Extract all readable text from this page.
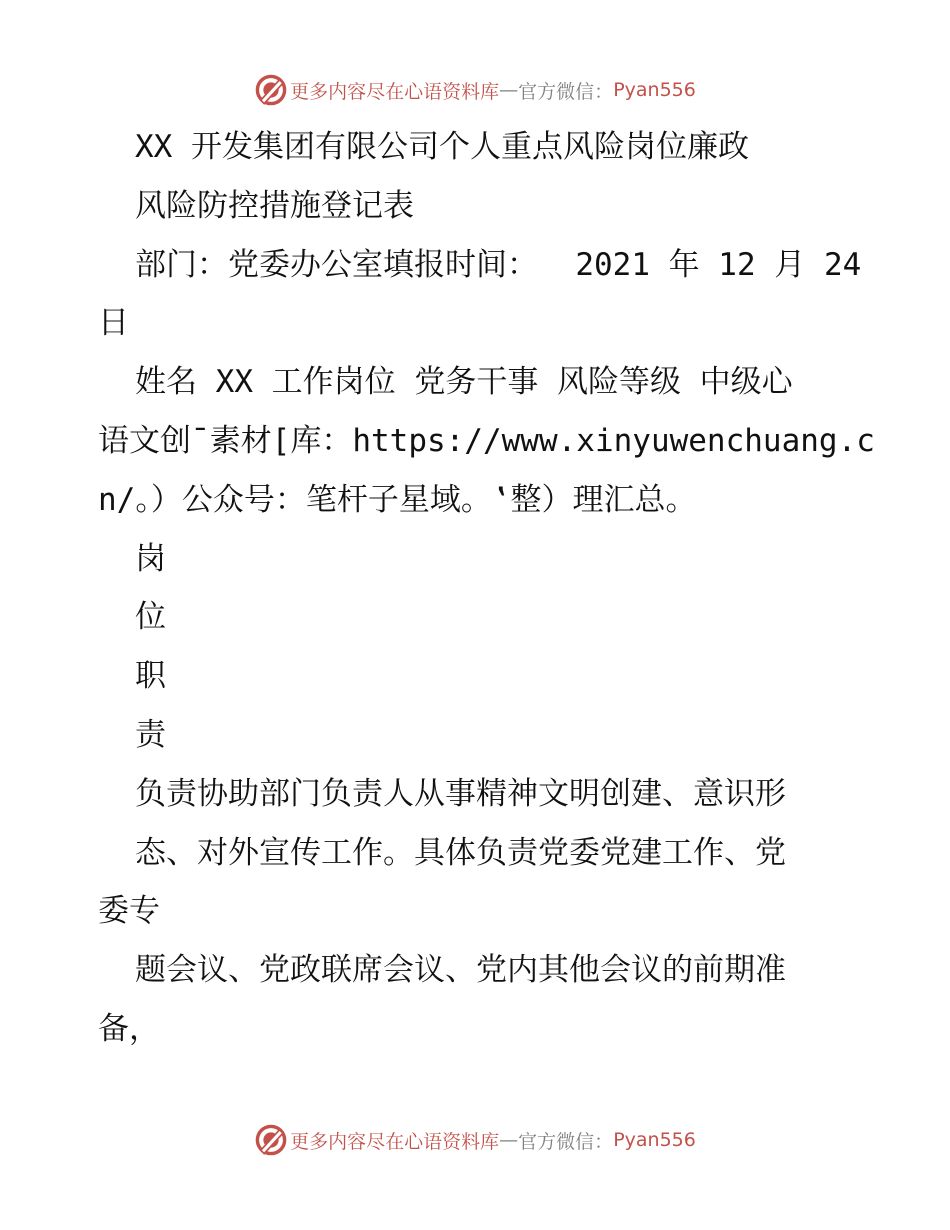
更多内容尽在心语资料库 — 官方微信： Pyan556

XX 开发集团有限公司个人重点风险岗位廉政

风险防控措施登记表

部门：党委办公室填报时间：  2021 年 12 月 24

日

姓名 XX 工作岗位 党务干事 风险等级 中级心

语文创¯素材[库：https://www.xinyuwenchuang.c

n/。）公众号：笔杆子星域。‛整）理汇总。

岗

位

职

责

负责协助部门负责人从事精神文明创建、意识形

态、对外宣传工作。具体负责党委党建工作、党

委专

题会议、党政联席会议、党内其他会议的前期准

备，

更多内容尽在心语资料库 — 官方微信： Pyan556
